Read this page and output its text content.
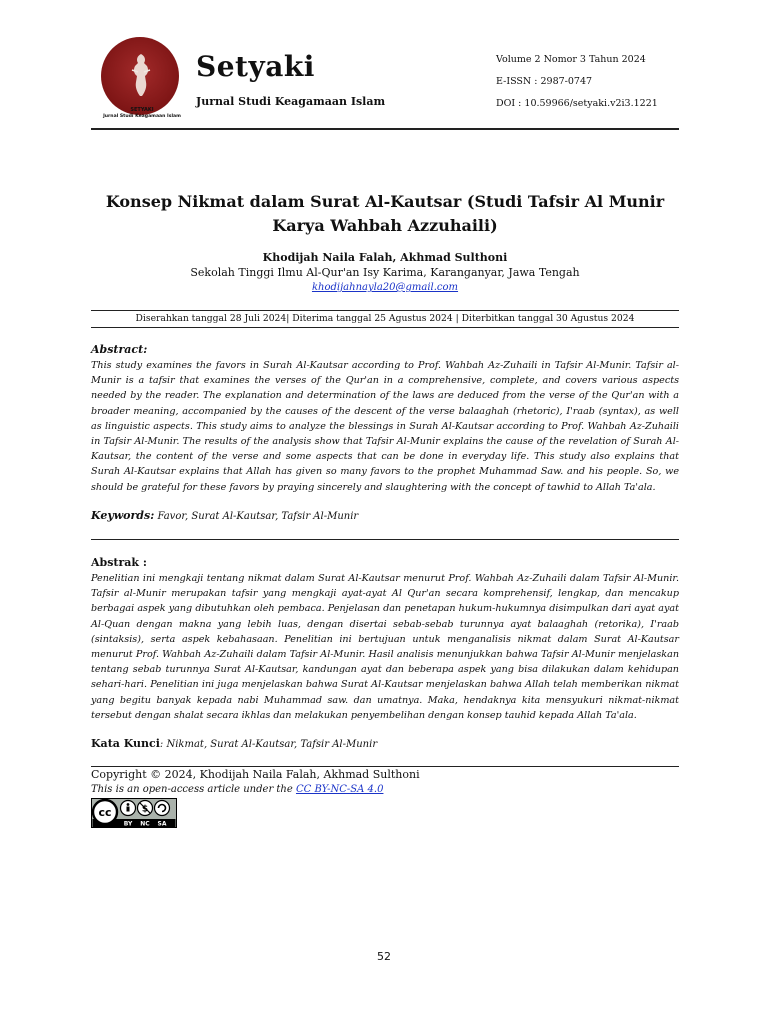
SETYAKI
Jurnal Studi Keagamaan Islam
Setyaki
Jurnal Studi Keagamaan Islam
Volume 2 Nomor 3 Tahun 2024
E-ISSN : 2987-0747
DOI : 10.59966/setyaki.v2i3.1221
Konsep Nikmat dalam Surat Al-Kautsar (Studi Tafsir Al Munir Karya Wahbah Azzuhaili)
Khodijah Naila Falah, Akhmad Sulthoni
Sekolah Tinggi Ilmu Al-Qur'an Isy Karima, Karanganyar, Jawa Tengah
khodijahnayla20@gmail.com
Diserahkan tanggal 28 Juli 2024| Diterima tanggal 25 Agustus 2024 | Diterbitkan tanggal 30 Agustus 2024
Abstract:
This study examines the favors in Surah Al-Kautsar according to Prof. Wahbah Az-Zuhaili in Tafsir Al-Munir. Tafsir al-Munir is a tafsir that examines the verses of the Qur'an in a comprehensive, complete, and covers various aspects needed by the reader. The explanation and determination of the laws are deduced from the verse of the Qur'an with a broader meaning, accompanied by the causes of the descent of the verse balaaghah (rhetoric), I'raab (syntax), as well as linguistic aspects. This study aims to analyze the blessings in Surah Al-Kautsar according to Prof. Wahbah Az-Zuhaili in Tafsir Al-Munir. The results of the analysis show that Tafsir Al-Munir explains the cause of the revelation of Surah Al-Kautsar, the content of the verse and some aspects that can be done in everyday life. This study also explains that Surah Al-Kautsar explains that Allah has given so many favors to the prophet Muhammad Saw. and his people. So, we should be grateful for these favors by praying sincerely and slaughtering with the concept of tawhid to Allah Ta'ala.
Keywords: Favor, Surat Al-Kautsar, Tafsir Al-Munir
Abstrak :
Penelitian ini mengkaji tentang nikmat dalam Surat Al-Kautsar menurut Prof. Wahbah Az-Zuhaili dalam Tafsir Al-Munir. Tafsir al-Munir merupakan tafsir yang mengkaji ayat-ayat Al Qur'an secara komprehensif, lengkap, dan mencakup berbagai aspek yang dibutuhkan oleh pembaca. Penjelasan dan penetapan hukum-hukumnya disimpulkan dari ayat ayat Al-Quan dengan makna yang lebih luas, dengan disertai sebab-sebab turunnya ayat balaaghah (retorika), I'raab (sintaksis), serta aspek kebahasaan. Penelitian ini bertujuan untuk menganalisis nikmat dalam Surat Al-Kautsar menurut Prof. Wahbah Az-Zuhaili dalam Tafsir Al-Munir. Hasil analisis menunjukkan bahwa Tafsir Al-Munir menjelaskan tentang sebab turunnya Surat Al-Kautsar, kandungan ayat dan beberapa aspek yang bisa dilakukan dalam kehidupan sehari-hari. Penelitian ini juga menjelaskan bahwa Surat Al-Kautsar menjelaskan bahwa Allah telah memberikan nikmat yang begitu banyak kepada nabi Muhammad saw. dan umatnya. Maka, hendaknya kita mensyukuri nikmat-nikmat tersebut dengan shalat secara ikhlas dan melakukan penyembelihan dengan konsep tauhid kepada Allah Ta'ala.
Kata Kunci: Nikmat, Surat Al-Kautsar, Tafsir Al-Munir
Copyright © 2024, Khodijah Naila Falah, Akhmad Sulthoni
This is an open-access article under the CC BY-NC-SA 4.0
cc	$
BY NC SA
52
